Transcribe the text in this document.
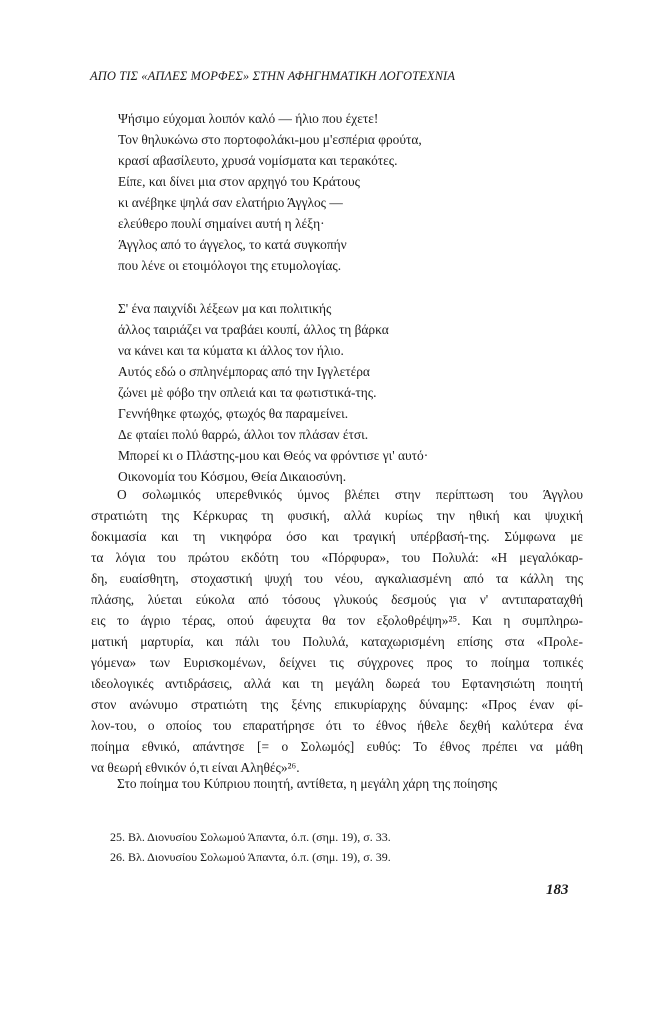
ΑΠΟ ΤΙΣ «ΑΠΛΕΣ ΜΟΡΦΕΣ» ΣΤΗΝ ΑΦΗΓΗΜΑΤΙΚΗ ΛΟΓΟΤΕΧΝΙΑ
Ψήσιμο εύχομαι λοιπόν καλό — ήλιο που έχετε!
Τον θηλυκώνω στο πορτοφολάκι-μου μ'εσπέρια φρούτα,
κρασί αβασίλευτο, χρυσά νομίσματα και τερακότες.
Είπε, και δίνει μια στον αρχηγό του Κράτους
κι ανέβηκε ψηλά σαν ελατήριο Άγγλος —
ελεύθερο πουλί σημαίνει αυτή η λέξη·
Άγγλος από το άγγελος, το κατά συγκοπήν
που λένε οι ετοιμόλογοι της ετυμολογίας.
Σ' ένα παιχνίδι λέξεων μα και πολιτικής
άλλος ταιριάζει να τραβάει κουπί, άλλος τη βάρκα
να κάνει και τα κύματα κι άλλος τον ήλιο.
Αυτός εδώ ο σπληνέμπορας από την Ιγγλετέρα
ζώνει μὲ φόβο την οπλειά και τα φωτιστικά-της.
Γεννήθηκε φτωχός, φτωχός θα παραμείνει.
Δε φταίει πολύ θαρρώ, άλλοι τον πλάσαν έτσι.
Μπορεί κι ο Πλάστης-μου και Θεός να φρόντισε γι' αυτό·
Οικονομία του Κόσμου, Θεία Δικαιοσύνη.
Ο σολωμικός υπερεθνικός ύμνος βλέπει στην περίπτωση του Άγγλου
στρατιώτη της Κέρκυρας τη φυσική, αλλά κυρίως την ηθική και ψυχική
δοκιμασία και τη νικηφόρα όσο και τραγική υπέρβασή-της. Σύμφωνα με
τα λόγια του πρώτου εκδότη του «Πόρφυρα», του Πολυλά: «Η μεγαλόκαρ-
δη, ευαίσθητη, στοχαστική ψυχή του νέου, αγκαλιασμένη από τα κάλλη της
πλάσης, λύεται εύκολα από τόσους γλυκούς δεσμούς για ν' αντιπαραταχθή
εις το άγριο τέρας, οπού άφευχτα θα τον εξολοθρέψη»²⁵. Και η συμπληρω-
ματική μαρτυρία, και πάλι του Πολυλά, καταχωρισμένη επίσης στα «Προλε-
γόμενα» των Ευρισκομένων, δείχνει τις σύγχρονες προς το ποίημα τοπικές
ιδεολογικές αντιδράσεις, αλλά και τη μεγάλη δωρεά του Εφτανησιώτη ποιητή
στον ανώνυμο στρατιώτη της ξένης επικυρίαρχης δύναμης: «Προς έναν φί-
λον-του, ο οποίος του επαρατήρησε ότι το έθνος ήθελε δεχθή καλύτερα ένα
ποίημα εθνικό, απάντησε [= ο Σολωμός] ευθύς: Το έθνος πρέπει να μάθη
να θεωρή εθνικόν ό,τι είναι Αληθές»²⁶.
Στο ποίημα του Κύπριου ποιητή, αντίθετα, η μεγάλη χάρη της ποίησης
25. Βλ. Διονυσίου Σολωμού Άπαντα, ό.π. (σημ. 19), σ. 33.
26. Βλ. Διονυσίου Σολωμού Άπαντα, ό.π. (σημ. 19), σ. 39.
183
